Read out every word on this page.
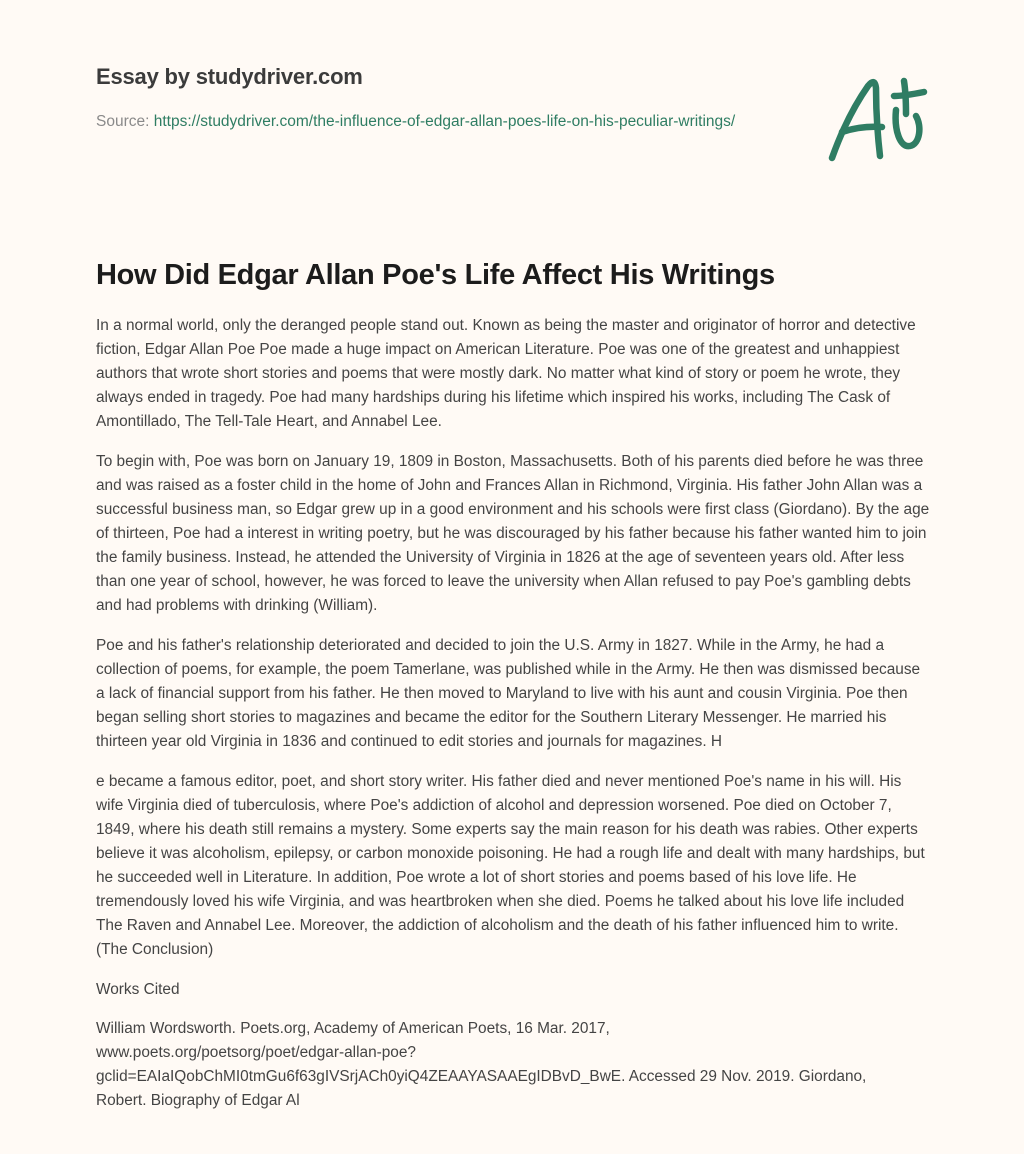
Essay by studydriver.com
Source: https://studydriver.com/the-influence-of-edgar-allan-poes-life-on-his-peculiar-writings/
How Did Edgar Allan Poe's Life Affect His Writings

In a normal world, only the deranged people stand out. Known as being the master and originator of horror and detective fiction, Edgar Allan Poe Poe made a huge impact on American Literature. Poe was one of the greatest and unhappiest authors that wrote short stories and poems that were mostly dark. No matter what kind of story or poem he wrote, they always ended in tragedy. Poe had many hardships during his lifetime which inspired his works, including The Cask of Amontillado, The Tell-Tale Heart, and Annabel Lee.

To begin with, Poe was born on January 19, 1809 in Boston, Massachusetts. Both of his parents died before he was three and was raised as a foster child in the home of John and Frances Allan in Richmond, Virginia. His father John Allan was a successful business man, so Edgar grew up in a good environment and his schools were first class (Giordano). By the age of thirteen, Poe had a interest in writing poetry, but he was discouraged by his father because his father wanted him to join the family business. Instead, he attended the University of Virginia in 1826 at the age of seventeen years old. After less than one year of school, however, he was forced to leave the university when Allan refused to pay Poe's gambling debts and had problems with drinking (William).

Poe and his father's relationship deteriorated and decided to join the U.S. Army in 1827. While in the Army, he had a collection of poems, for example, the poem Tamerlane, was published while in the Army. He then was dismissed because a lack of financial support from his father. He then moved to Maryland to live with his aunt and cousin Virginia. Poe then began selling short stories to magazines and became the editor for the Southern Literary Messenger. He married his thirteen year old Virginia in 1836 and continued to edit stories and journals for magazines. H

e became a famous editor, poet, and short story writer. His father died and never mentioned Poe's name in his will. His wife Virginia died of tuberculosis, where Poe's addiction of alcohol and depression worsened. Poe died on October 7, 1849, where his death still remains a mystery. Some experts say the main reason for his death was rabies. Other experts believe it was alcoholism, epilepsy, or carbon monoxide poisoning. He had a rough life and dealt with many hardships, but he succeeded well in Literature. In addition, Poe wrote a lot of short stories and poems based of his love life. He tremendously loved his wife Virginia, and was heartbroken when she died. Poems he talked about his love life included The Raven and Annabel Lee. Moreover, the addiction of alcoholism and the death of his father influenced him to write. (The Conclusion)

Works Cited

William Wordsworth. Poets.org, Academy of American Poets, 16 Mar. 2017,
www.poets.org/poetsorg/poet/edgar-allan-poe?
gclid=EAIaIQobChMI0tmGu6f63gIVSrjACh0yiQ4ZEAAYASAAEgIDBvD_BwE. Accessed 29 Nov. 2019. Giordano,
Robert. Biography of Edgar Al
